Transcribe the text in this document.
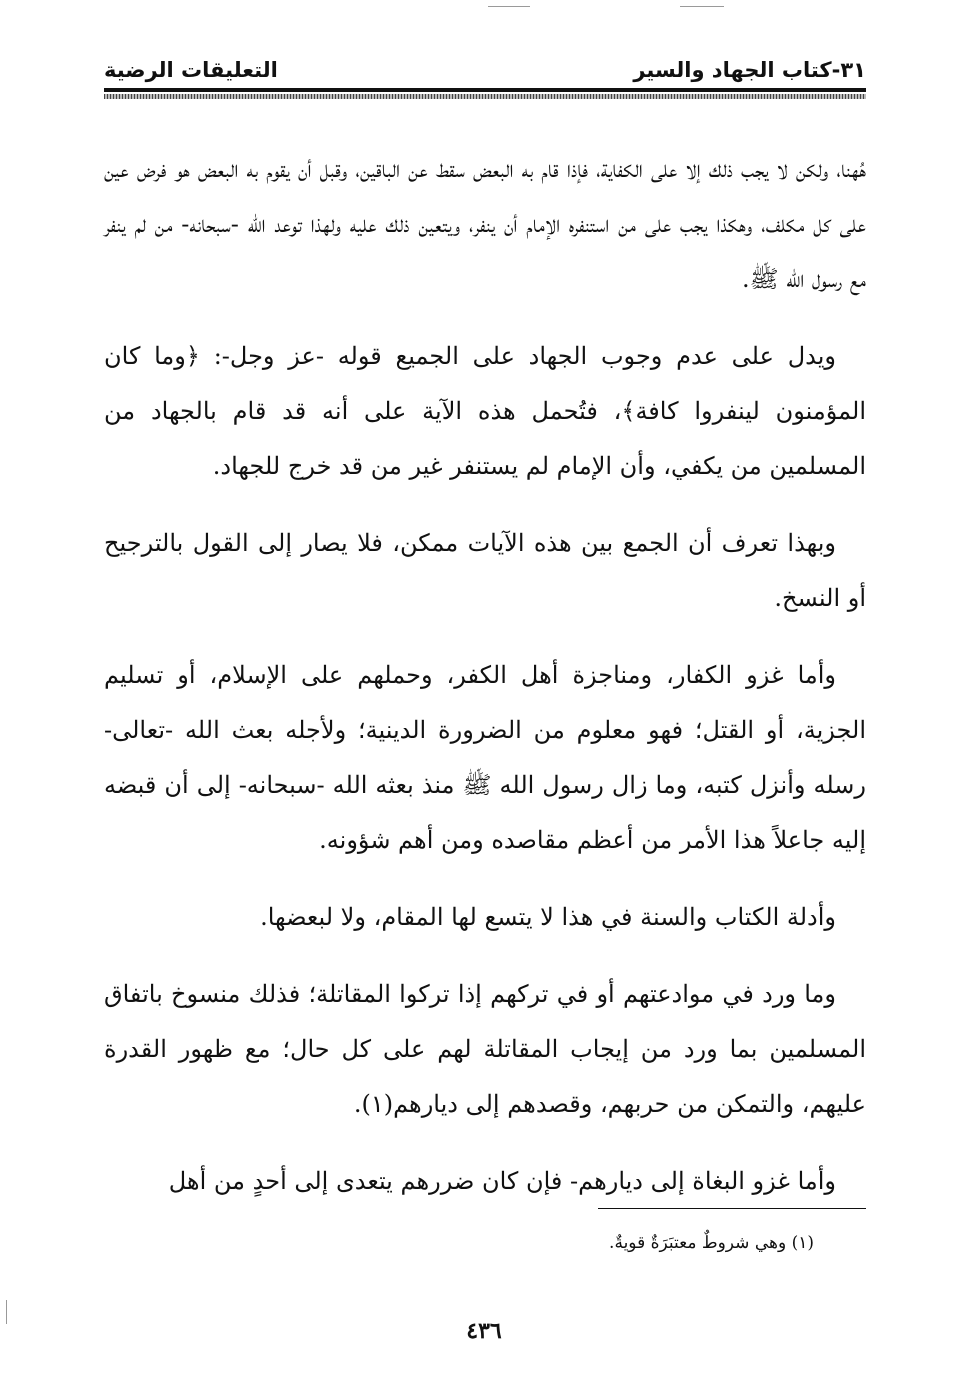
٣١-كتاب الجهاد والسير
التعليقات الرضية

هُهنا، ولكن لا يجب ذلك إلا على الكفاية، فإذا قام به البعض سقط عن الباقين، وقبل أن يقوم به البعض هو فرض عين على كل مكلف، وهكذا يجب على من استنفره الإمام أن ينفر، ويتعين ذلك عليه ولهذا توعد الله -سبحانه- من لم ينفر مع رسول الله ﷺ.

ويدل على عدم وجوب الجهاد على الجميع قوله -عز وجل-: ﴿وما كان المؤمنون لينفروا كافة﴾، فتُحمل هذه الآية على أنه قد قام بالجهاد من المسلمين من يكفي، وأن الإمام لم يستنفر غير من قد خرج للجهاد.

وبهذا تعرف أن الجمع بين هذه الآيات ممكن، فلا يصار إلى القول بالترجيح أو النسخ.

وأما غزو الكفار، ومناجزة أهل الكفر، وحملهم على الإسلام، أو تسليم الجزية، أو القتل؛ فهو معلوم من الضرورة الدينية؛ ولأجله بعث الله -تعالى- رسله وأنزل كتبه، وما زال رسول الله ﷺ منذ بعثه الله -سبحانه- إلى أن قبضه إليه جاعلاً هذا الأمر من أعظم مقاصده ومن أهم شؤونه.

وأدلة الكتاب والسنة في هذا لا يتسع لها المقام، ولا لبعضها.

وما ورد في موادعتهم أو في تركهم إذا تركوا المقاتلة؛ فذلك منسوخ باتفاق المسلمين بما ورد من إيجاب المقاتلة لهم على كل حال؛ مع ظهور القدرة عليهم، والتمكن من حربهم، وقصدهم إلى ديارهم(١).

وأما غزو البغاة إلى ديارهم- فإن كان ضررهم يتعدى إلى أحدٍ من أهل

(١) وهي شروطٌ معتبَرَةٌ قويةٌ.
٤٣٦
